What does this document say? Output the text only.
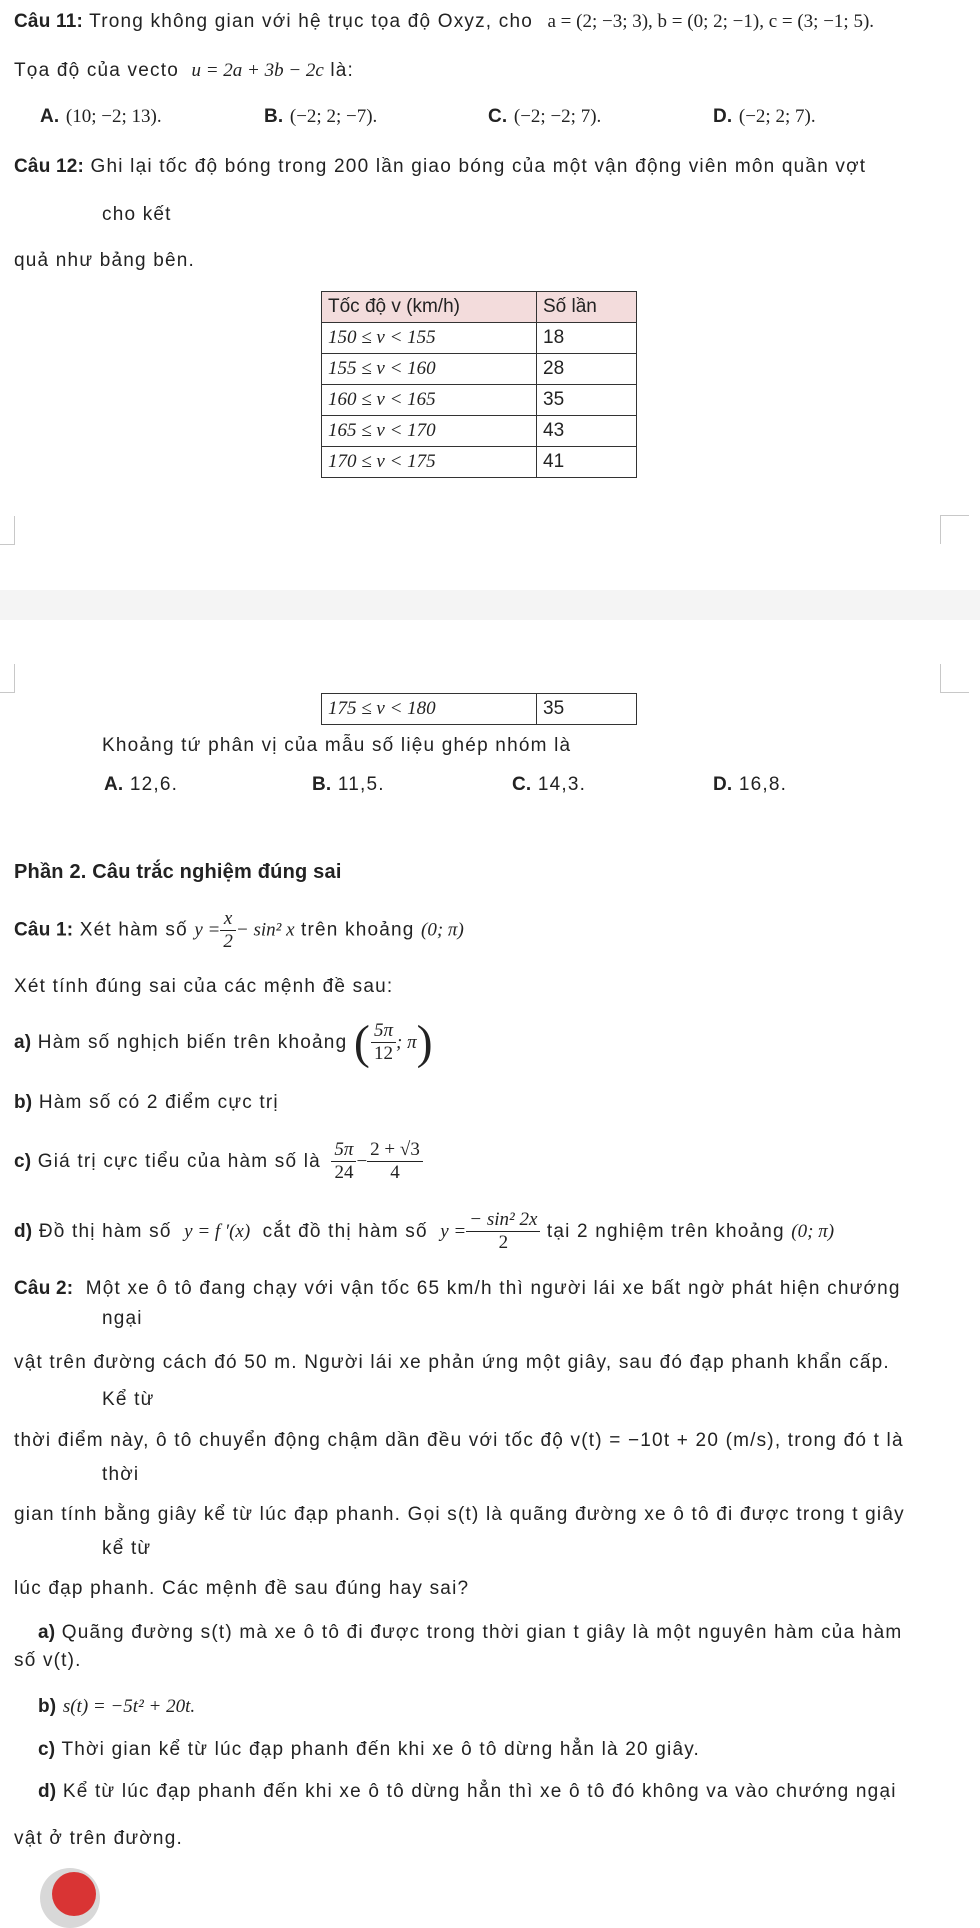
Câu 11: Trong không gian với hệ trục tọa độ Oxyz, cho a = (2; −3; 3), b = (0; 2; −1), c = (3; −1; 5).
Tọa độ của vecto u = 2a + 3b − 2c là:
A. (10; −2; 13).	B. (−2; 2; −7).	C. (−2; −2; 7).	D. (−2; 2; 7).
Câu 12: Ghi lại tốc độ bóng trong 200 lần giao bóng của một vận động viên môn quần vợt
cho kết
quả như bảng bên.
Tốc độ v (km/h)	Số lần
150 ≤ v < 155	18
155 ≤ v < 160	28
160 ≤ v < 165	35
165 ≤ v < 170	43
170 ≤ v < 175	41
175 ≤ v < 180	35
Khoảng tứ phân vị của mẫu số liệu ghép nhóm là
A. 12,6.	B. 11,5.	C. 14,3.	D. 16,8.
Phần 2. Câu trắc nghiệm đúng sai
Câu 1: Xét hàm số $y = \frac{x}{2} - \sin^2$ x trên khoảng (0; π)
Xét tính đúng sai của các mệnh đề sau:
a) Hàm số nghịch biến trên khoảng ( $\frac{5\pi}{12}$ ; π)
b) Hàm số có 2 điểm cực trị
c) Giá trị cực tiểu của hàm số là $\frac{5\pi}{24} - \frac{2 + √3}{4}$
d) Đồ thị hàm số y = f ′(x) cắt đồ thị hàm số $y = \frac{\text{− sin² 2x}}{2}$ tại 2 nghiệm trên khoảng (0; π)
Câu 2: Một xe ô tô đang chạy với vận tốc 65 km/h thì người lái xe bất ngờ phát hiện chướng
ngại
vật trên đường cách đó 50 m. Người lái xe phản ứng một giây, sau đó đạp phanh khẩn cấp.
Kể từ
thời điểm này, ô tô chuyển động chậm dần đều với tốc độ v(t) = −10t + 20 (m/s), trong đó t là
thời
gian tính bằng giây kể từ lúc đạp phanh. Gọi s(t) là quãng đường xe ô tô đi được trong t giây
kể từ
lúc đạp phanh. Các mệnh đề sau đúng hay sai?
a) Quãng đường s(t) mà xe ô tô đi được trong thời gian t giây là một nguyên hàm của hàm
số v(t).
b) s(t) = −5t² + 20t.
c) Thời gian kể từ lúc đạp phanh đến khi xe ô tô dừng hẳn là 20 giây.
d) Kể từ lúc đạp phanh đến khi xe ô tô dừng hẳn thì xe ô tô đó không va vào chướng ngại
vật ở trên đường.
